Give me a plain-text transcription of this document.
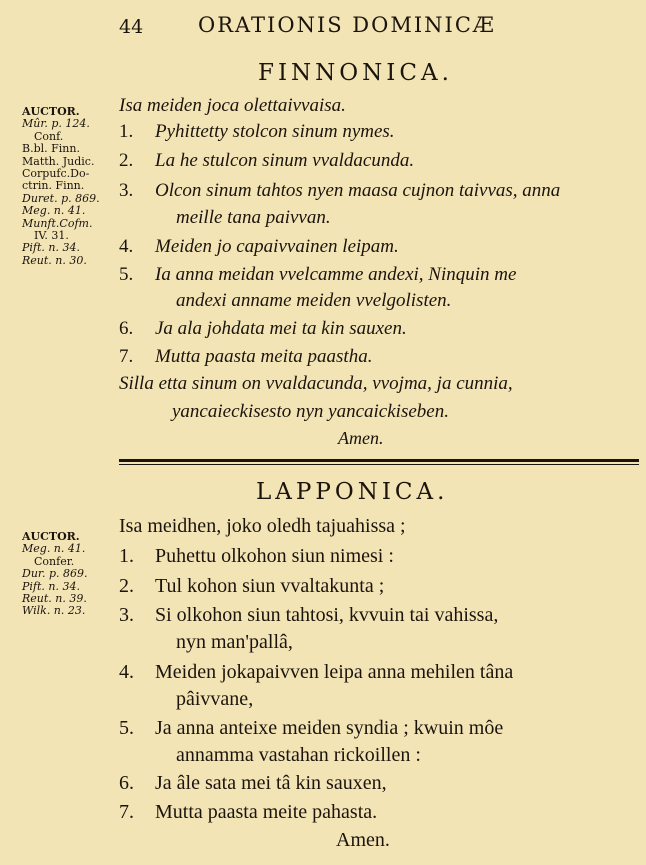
44	ORATIONIS DOMINICÆ
FINNONICA.
AUCTOR.
Mûr. p. 124.
Conf.
B.bl. Finn.
Matth. Judic.
Corpufc.Do-
ctrin. Finn.
Duret. p. 869.
Meg. n. 41.
Munft.Cofm.
IV. 31.
Pift. n. 34.
Reut. n. 30.
Isa meiden joca olettaivvaisa.
1. Pyhittetty stolcon sinum nymes.
2. La he stulcon sinum vvaldacunda.
3. Olcon sinum tahtos nyen maasa cujnon taivvas, anna
meille tana paivvan.
4. Meiden jo capaivvainen leipam.
5. Ia anna meidan vvelcamme andexi, Ninquin me
andexi anname meiden vvelgolisten.
6. Ja ala johdata mei ta kin sauxen.
7. Mutta paasta meita paastha.
Silla etta sinum on vvaldacunda, vvojma, ja cunnia,
yancaieckisesto nyn yancaickiseben.
Amen.
LAPPONICA.
AUCTOR.
Meg. n. 41.
Confer.
Dur. p. 869.
Pift. n. 34.
Reut. n. 39.
Wilk. n. 23.
Isa meidhen, joko oledh tajuahissa ;
1. Puhettu olkohon siun nimesi :
2. Tul kohon siun vvaltakunta ;
3. Si olkohon siun tahtosi, kvvuin tai vahissa,
nyn man'pallâ,
4. Meiden jokapaivven leipa anna mehilen tâna
pâivvane,
5. Ja anna anteixe meiden syndia ; kwuin môe
annamma vastahan rickoillen :
6. Ja âle sata mei tâ kin sauxen,
7. Mutta paasta meite pahasta.
Amen.
